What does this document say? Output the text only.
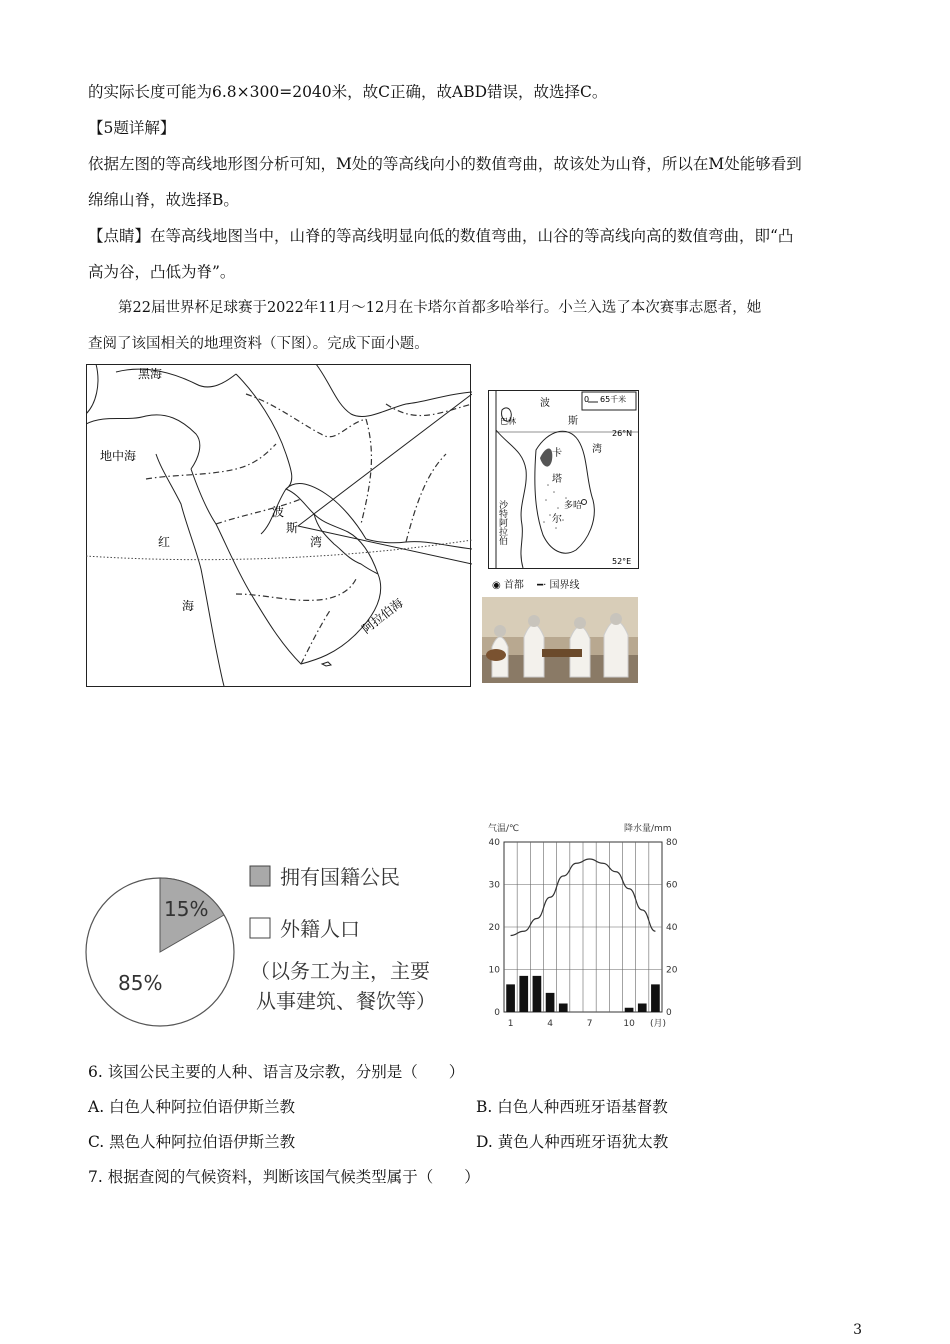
的实际长度可能为6.8×300=2040米，故C正确，故ABD错误，故选择C。
【5题详解】
依据左图的等高线地形图分析可知，M处的等高线向小的数值弯曲，故该处为山脊，所以在M处能够看到
绵绵山脊，故选择B。
【点睛】在等高线地图当中，山脊的等高线明显向低的数值弯曲，山谷的等高线向高的数值弯曲，即“凸
高为谷，凸低为脊”。
第22届世界杯足球赛于2022年11月～12月在卡塔尔首都多哈举行。小兰入选了本次赛事志愿者，她
查阅了该国相关的地理资料（下图）。完成下面小题。
黑海
地中海
红
海
波
斯
湾
阿拉伯海
0 65千米
26°N
52°E
波
斯
湾
巴林
卡
塔
尔
多哈
沙特阿拉伯
◉ 首都 ━· 国界线
15%
85%
拥有国籍公民
外籍人口
（以务工为主，主要
从事建筑、餐饮等）
气温/℃	降水量/mm
40
30
20
10
0
80
60
40
20
0
1	4	7	10 (月)
6. 该国公民主要的人种、语言及宗教，分别是（　　）
A. 白色人种阿拉伯语伊斯兰教	B. 白色人种西班牙语基督教
C. 黑色人种阿拉伯语伊斯兰教	D. 黄色人种西班牙语犹太教
7. 根据查阅的气候资料，判断该国气候类型属于（　　）
3
